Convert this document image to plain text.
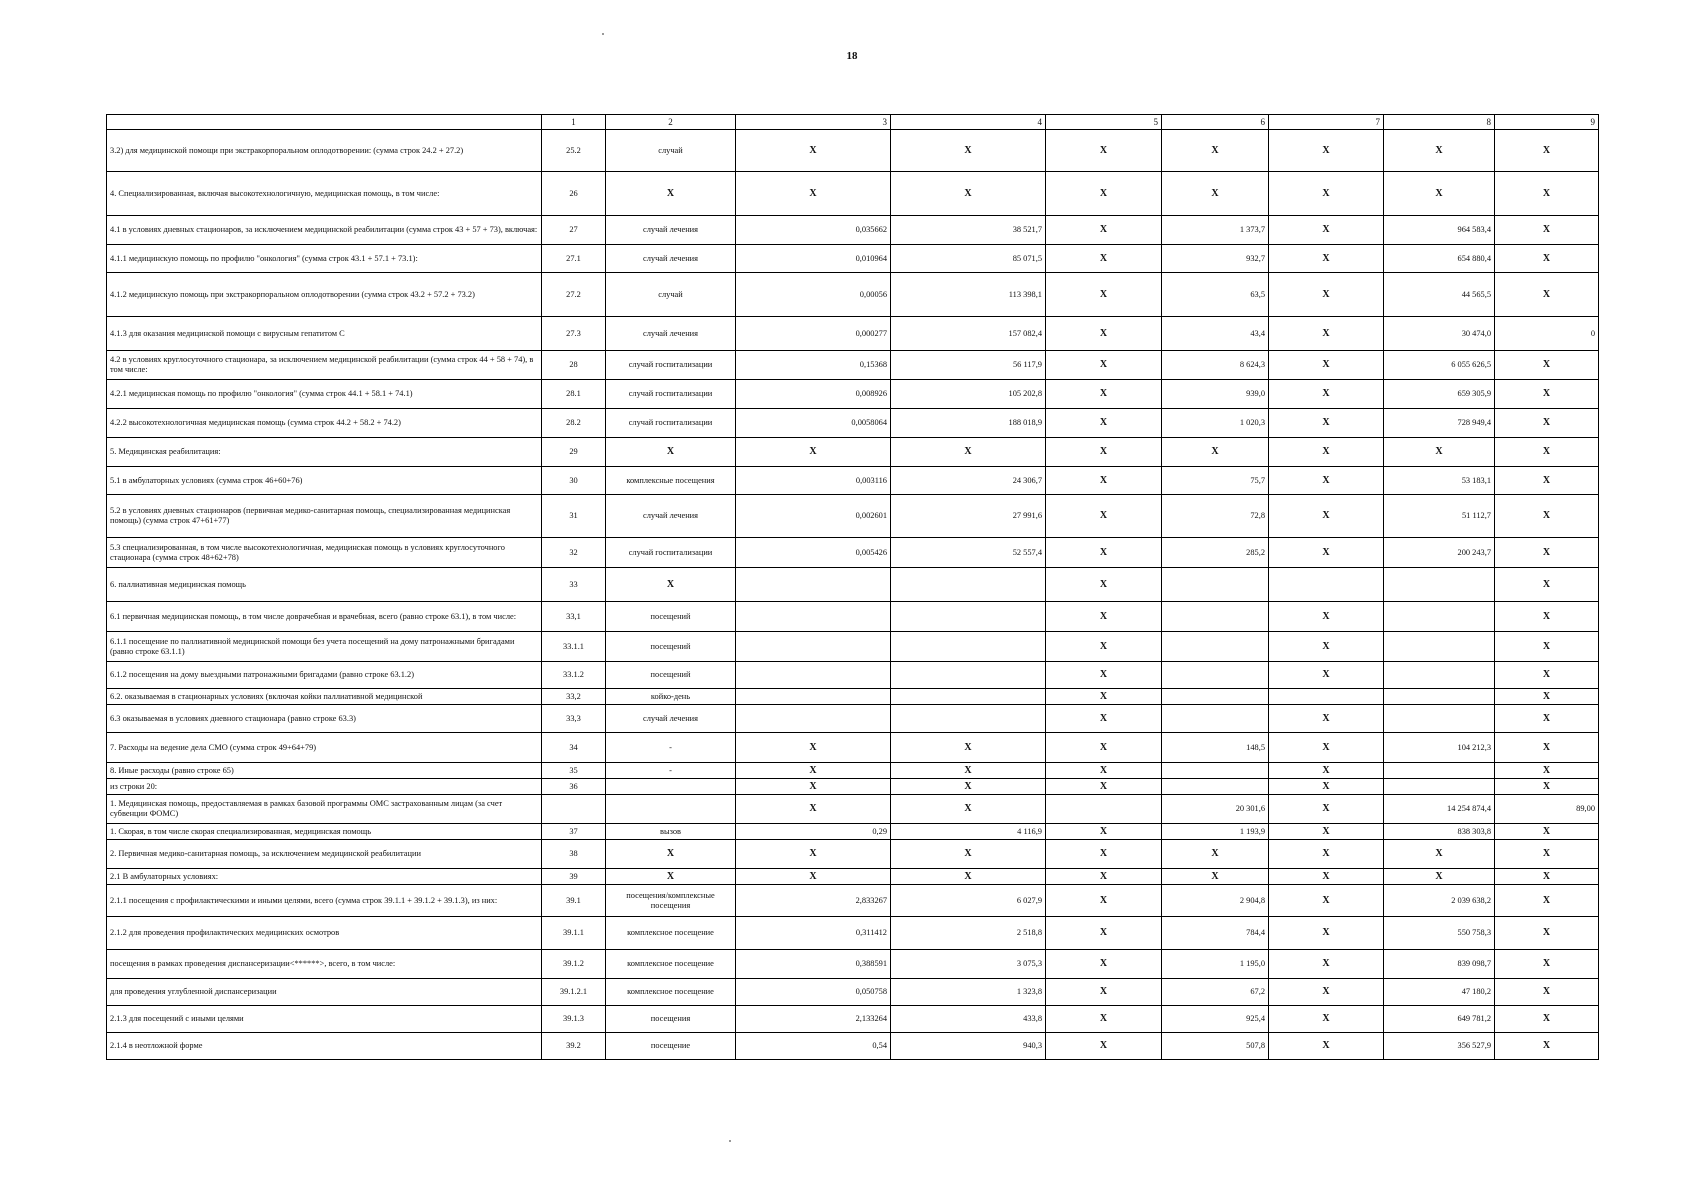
18
	1	2	3	4	5	6	7	8	9
3.2) для медицинской помощи при экстракорпоральном оплодотворении: (сумма строк 24.2 + 27.2)	25.2	случай	X	X	X	X	X	X	X
4. Специализированная, включая высокотехнологичную, медицинская помощь, в том числе:	26	X	X	X	X	X	X	X	X
4.1 в условиях дневных стационаров, за исключением медицинской реабилитации (сумма строк 43 + 57 + 73), включая:	27	случай лечения	0,035662	38 521,7	X	1 373,7	X	964 583,4	X
4.1.1 медицинскую помощь по профилю "онкология" (сумма строк 43.1 + 57.1 + 73.1):	27.1	случай лечения	0,010964	85 071,5	X	932,7	X	654 880,4	X
4.1.2 медицинскую помощь при экстракорпоральном оплодотворении (сумма строк 43.2 + 57.2 + 73.2)	27.2	случай	0,00056	113 398,1	X	63,5	X	44 565,5	X
4.1.3 для оказания медицинской помощи с вирусным гепатитом С	27.3	случай лечения	0,000277	157 082,4	X	43,4	X	30 474,0	0
4.2 в условиях круглосуточного стационара, за исключением медицинской реабилитации (сумма строк 44 + 58 + 74), в том числе:	28	случай госпитализации	0,15368	56 117,9	X	8 624,3	X	6 055 626,5	X
4.2.1 медицинская помощь по профилю "онкология" (сумма строк 44.1 + 58.1 + 74.1)	28.1	случай госпитализации	0,008926	105 202,8	X	939,0	X	659 305,9	X
4.2.2 высокотехнологичная медицинская помощь (сумма строк 44.2 + 58.2 + 74.2)	28.2	случай госпитализации	0,0058064	188 018,9	X	1 020,3	X	728 949,4	X
5. Медицинская реабилитация:	29	X	X	X	X	X	X	X	X
5.1 в амбулаторных условиях (сумма строк 46+60+76)	30	комплексные посещения	0,003116	24 306,7	X	75,7	X	53 183,1	X
5.2 в условиях дневных стационаров (первичная медико-санитарная помощь, специализированная медицинская помощь) (сумма строк 47+61+77)	31	случай лечения	0,002601	27 991,6	X	72,8	X	51 112,7	X
5.3 специализированная, в том числе высокотехнологичная, медицинская помощь в условиях круглосуточного стационара (сумма строк 48+62+78)	32	случай госпитализации	0,005426	52 557,4	X	285,2	X	200 243,7	X
6. паллиативная медицинская помощь	33	X			X				X
6.1 первичная медицинская помощь, в том числе доврачебная и врачебная, всего (равно строке 63.1), в том числе:	33,1	посещений			X		X		X
6.1.1 посещение по паллиативной медицинской помощи без учета посещений на дому патронажными бригадами (равно строке 63.1.1)	33.1.1	посещений			X		X		X
6.1.2 посещения на дому выездными патронажными бригадами (равно строке 63.1.2)	33.1.2	посещений			X		X		X
6.2. оказываемая в стационарных условиях (включая койки паллиативной медицинской	33,2	койко-день			X				X
6.3 оказываемая в условиях дневного стационара (равно строке 63.3)	33,3	случай лечения			X		X		X
7. Расходы на ведение дела СМО (сумма строк 49+64+79)	34	-	X	X	X	148,5	X	104 212,3	X
8. Иные расходы (равно строке 65)	35	-	X	X	X		X		X
из строки 20:	36		X	X	X		X		X
1. Медицинская помощь, предоставляемая в рамках базовой программы ОМС застрахованным лицам (за счет субвенции ФОМС)			X	X		20 301,6	X	14 254 874,4	89,00
1. Скорая, в том числе скорая специализированная, медицинская помощь	37	вызов	0,29	4 116,9	X	1 193,9	X	838 303,8	X
2. Первичная медико-санитарная помощь, за исключением медицинской реабилитации	38	X	X	X	X	X	X	X	X
2.1 В амбулаторных условиях:	39	X	X	X	X	X	X	X	X
2.1.1 посещения с профилактическими и иными целями, всего (сумма строк 39.1.1 + 39.1.2 + 39.1.3), из них:	39.1	посещения/комплексные посещения	2,833267	6 027,9	X	2 904,8	X	2 039 638,2	X
2.1.2 для проведения профилактических медицинских осмотров	39.1.1	комплексное посещение	0,311412	2 518,8	X	784,4	X	550 758,3	X
посещения в рамках проведения диспансеризации<******>, всего, в том числе:	39.1.2	комплексное посещение	0,388591	3 075,3	X	1 195,0	X	839 098,7	X
для проведения углубленной диспансеризации	39.1.2.1	комплексное посещение	0,050758	1 323,8	X	67,2	X	47 180,2	X
2.1.3 для посещений с иными целями	39.1.3	посещения	2,133264	433,8	X	925,4	X	649 781,2	X
2.1.4 в неотложной форме	39.2	посещение	0,54	940,3	X	507,8	X	356 527,9	X
